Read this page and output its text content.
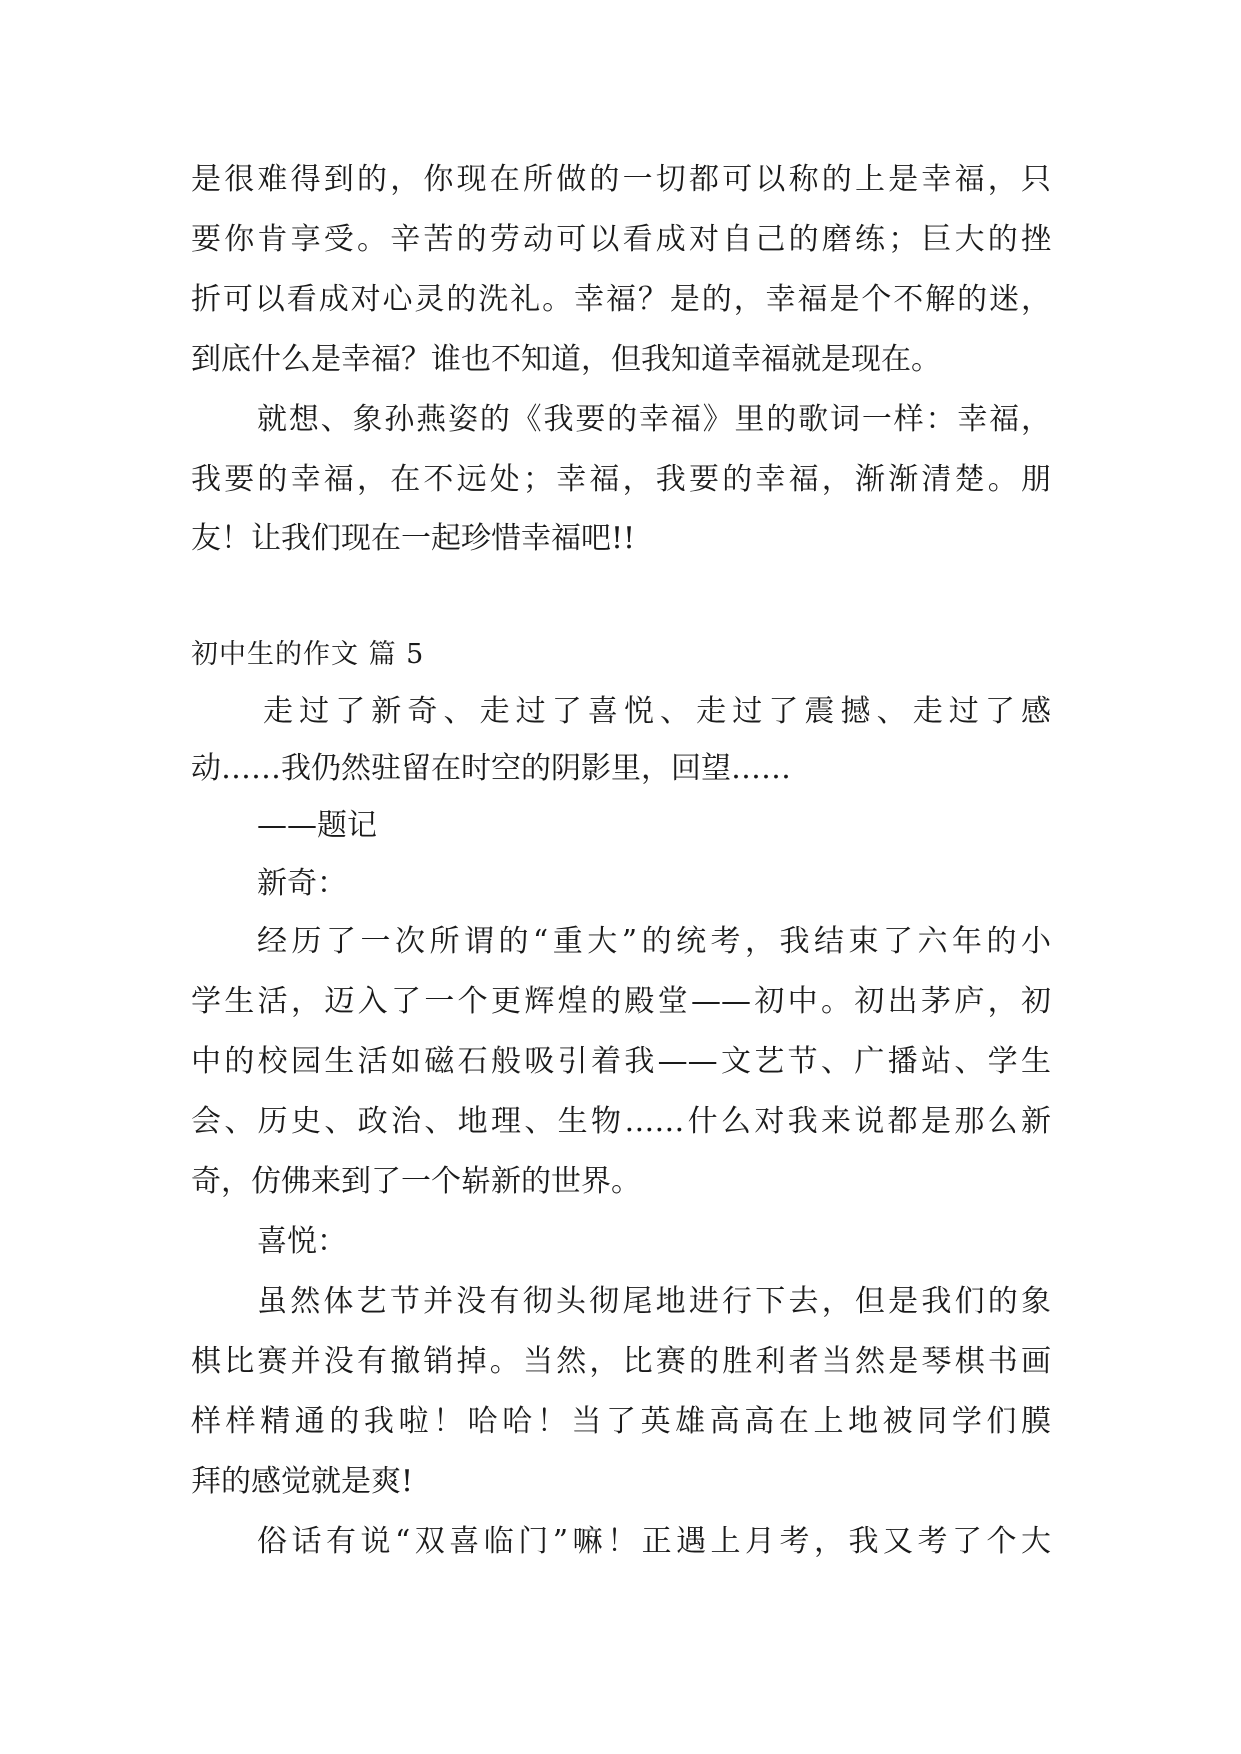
是很难得到的，你现在所做的一切都可以称的上是幸福，只

要你肯享受。辛苦的劳动可以看成对自己的磨练；巨大的挫

折可以看成对心灵的洗礼。幸福？是的，幸福是个不解的迷，

到底什么是幸福？谁也不知道，但我知道幸福就是现在。

就想、象孙燕姿的《我要的幸福》里的歌词一样：幸福，

我要的幸福，在不远处；幸福，我要的幸福，渐渐清楚。朋

友！让我们现在一起珍惜幸福吧!!

初中生的作文 篇 5

走过了新奇、走过了喜悦、走过了震撼、走过了感

动……我仍然驻留在时空的阴影里，回望……

——题记

新奇：

经历了一次所谓的“重大”的统考，我结束了六年的小

学生活，迈入了一个更辉煌的殿堂——初中。初出茅庐，初

中的校园生活如磁石般吸引着我——文艺节、广播站、学生

会、历史、政治、地理、生物……什么对我来说都是那么新

奇，仿佛来到了一个崭新的世界。

喜悦：

虽然体艺节并没有彻头彻尾地进行下去，但是我们的象

棋比赛并没有撤销掉。当然，比赛的胜利者当然是琴棋书画

样样精通的我啦！哈哈！当了英雄高高在上地被同学们膜

拜的感觉就是爽!

俗话有说“双喜临门”嘛！正遇上月考，我又考了个大
